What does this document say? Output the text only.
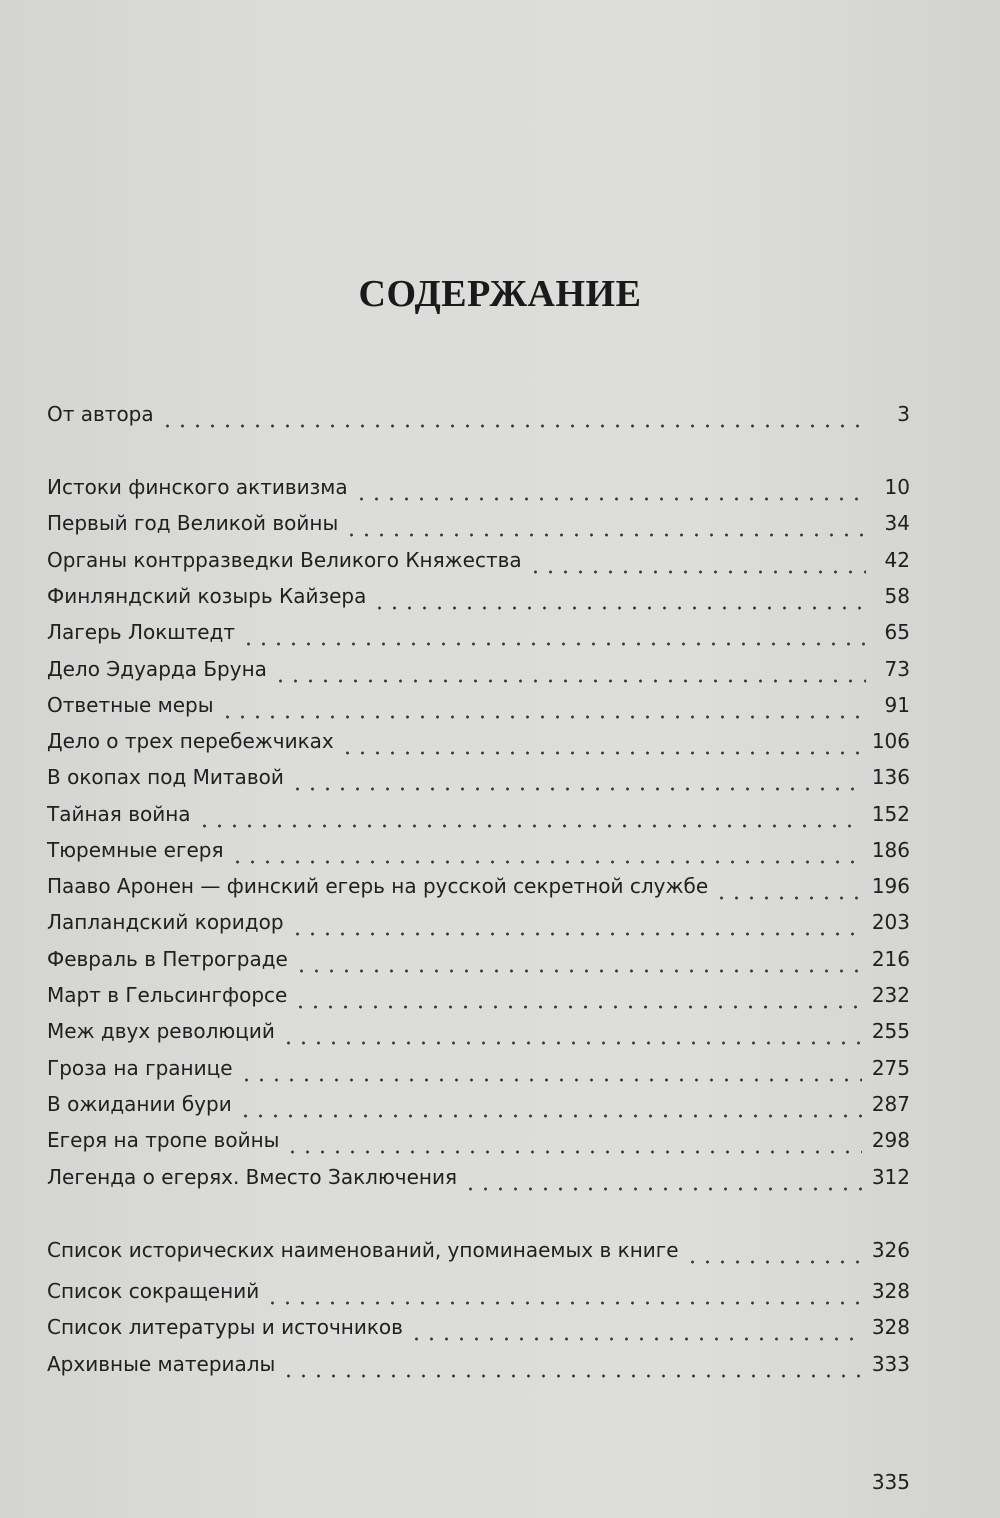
СОДЕРЖАНИЕ
От автора	3
Истоки финского активизма	10
Первый год Великой войны	34
Органы контрразведки Великого Княжества	42
Финляндский козырь Кайзера	58
Лагерь Локштедт	65
Дело Эдуарда Бруна	73
Ответные меры	91
Дело о трех перебежчиках	106
В окопах под Митавой	136
Тайная война	152
Тюремные егеря	186
Пааво Аронен — финский егерь на русской секретной службе	196
Лапландский коридор	203
Февраль в Петрограде	216
Март в Гельсингфорсе	232
Меж двух революций	255
Гроза на границе	275
В ожидании бури	287
Егеря на тропе войны	298
Легенда о егерях. Вместо Заключения	312
Список исторических наименований, упоминаемых в книге	326
Список сокращений	328
Список литературы и источников	328
Архивные материалы	333
335
